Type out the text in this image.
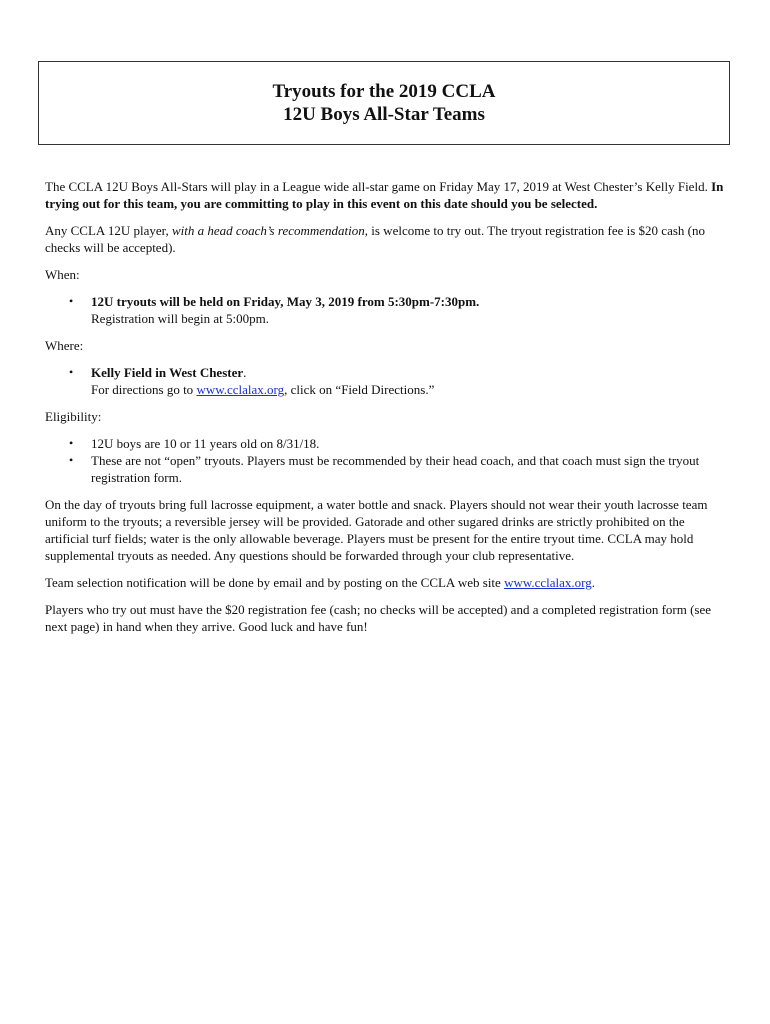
Tryouts for the 2019 CCLA
12U Boys All-Star Teams

The CCLA 12U Boys All-Stars will play in a League wide all-star game on Friday May 17, 2019 at West Chester’s Kelly Field. In trying out for this team, you are committing to play in this event on this date should you be selected.

Any CCLA 12U player, with a head coach’s recommendation, is welcome to try out. The tryout registration fee is $20 cash (no checks will be accepted).

When:

• 12U tryouts will be held on Friday, May 3, 2019 from 5:30pm-7:30pm.
Registration will begin at 5:00pm.

Where:

• Kelly Field in West Chester.
For directions go to www.cclalax.org, click on “Field Directions.”

Eligibility:

• 12U boys are 10 or 11 years old on 8/31/18.
• These are not “open” tryouts. Players must be recommended by their head coach, and that coach must sign the tryout registration form.

On the day of tryouts bring full lacrosse equipment, a water bottle and snack. Players should not wear their youth lacrosse team uniform to the tryouts; a reversible jersey will be provided. Gatorade and other sugared drinks are strictly prohibited on the artificial turf fields; water is the only allowable beverage. Players must be present for the entire tryout time. CCLA may hold supplemental tryouts as needed. Any questions should be forwarded through your club representative.

Team selection notification will be done by email and by posting on the CCLA web site www.cclalax.org.

Players who try out must have the $20 registration fee (cash; no checks will be accepted) and a completed registration form (see next page) in hand when they arrive. Good luck and have fun!
